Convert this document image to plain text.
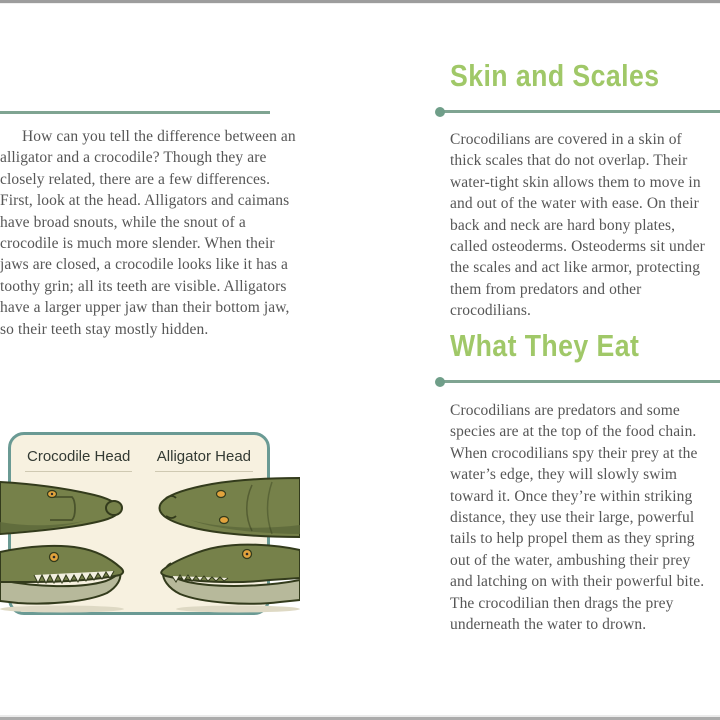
How can you tell the difference between an alligator and a crocodile? Though they are closely related, there are a few differences. First, look at the head. Alligators and caimans have broad snouts, while the snout of a crocodile is much more slender. When their jaws are closed, a crocodile looks like it has a toothy grin; all its teeth are visible. Alligators have a larger upper jaw than their bottom jaw, so their teeth stay mostly hidden.

Crocodile Head Alligator Head
Skin and Scales

Crocodilians are covered in a skin of thick scales that do not overlap. Their water-tight skin allows them to move in and out of the water with ease. On their back and neck are hard bony plates, called osteoderms. Osteoderms sit under the scales and act like armor, protecting them from predators and other crocodilians.

What They Eat

Crocodilians are predators and some species are at the top of the food chain. When crocodilians spy their prey at the water’s edge, they will slowly swim toward it. Once they’re within striking distance, they use their large, powerful tails to help propel them as they spring out of the water, ambushing their prey and latching on with their powerful bite. The crocodilian then drags the prey underneath the water to drown.
